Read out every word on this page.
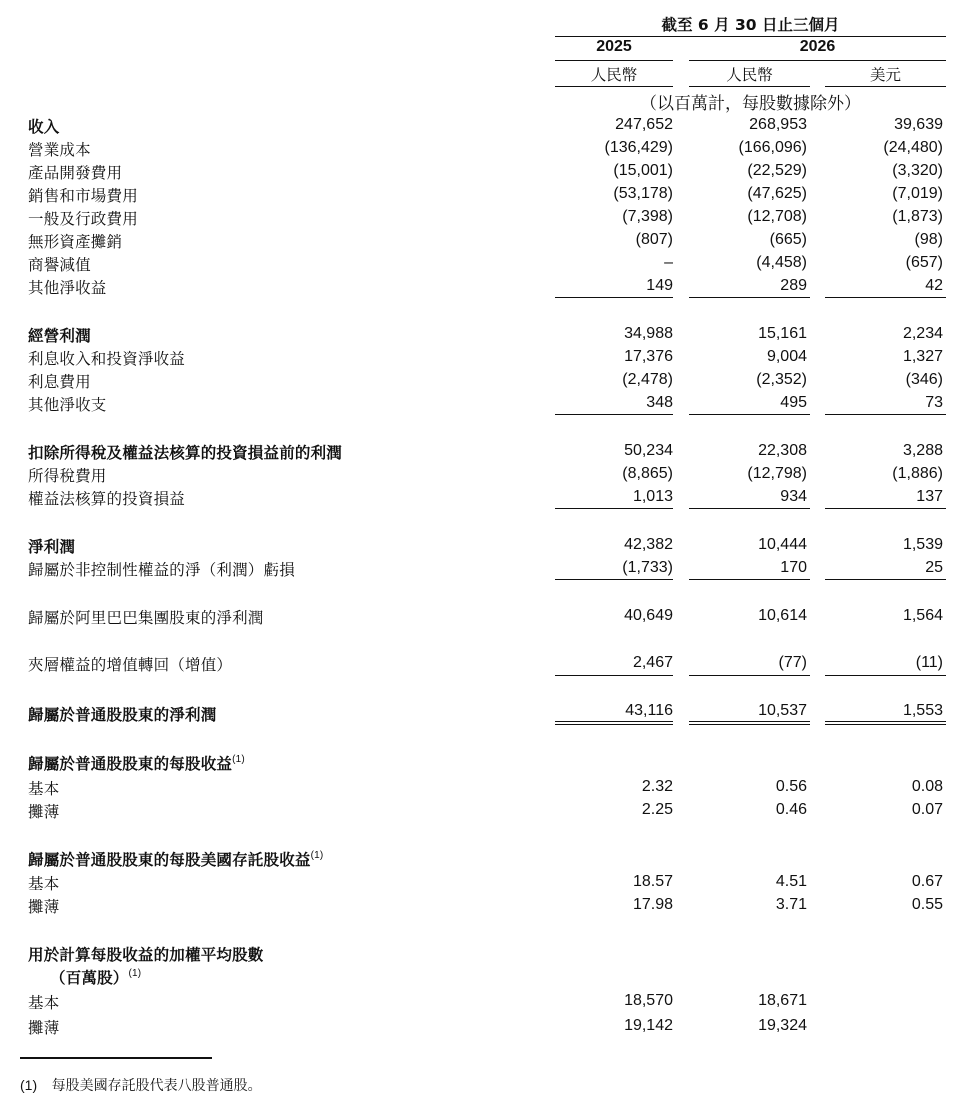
截至 6 月 30 日止三個月
2025	2026
人民幣	人民幣	美元
（以百萬計，每股數據除外）
收入	247,652	268,953	39,639
營業成本	(136,429)	(166,096)	(24,480)
產品開發費用	(15,001)	(22,529)	(3,320)
銷售和市場費用	(53,178)	(47,625)	(7,019)
一般及行政費用	(7,398)	(12,708)	(1,873)
無形資產攤銷	(807)	(665)	(98)
商譽減值	–	(4,458)	(657)
其他淨收益	149	289	42
經營利潤	34,988	15,161	2,234
利息收入和投資淨收益	17,376	9,004	1,327
利息費用	(2,478)	(2,352)	(346)
其他淨收支	348	495	73
扣除所得稅及權益法核算的投資損益前的利潤	50,234	22,308	3,288
所得稅費用	(8,865)	(12,798)	(1,886)
權益法核算的投資損益	1,013	934	137
淨利潤	42,382	10,444	1,539
歸屬於非控制性權益的淨（利潤）虧損	(1,733)	170	25
歸屬於阿里巴巴集團股東的淨利潤	40,649	10,614	1,564
夾層權益的增值轉回（增值）	2,467	(77)	(11)
歸屬於普通股股東的淨利潤	43,116	10,537	1,553
歸屬於普通股股東的每股收益$^{(1)}$
基本	2.32	0.56	0.08
攤薄	2.25	0.46	0.07
歸屬於普通股股東的每股美國存託股收益$^{(1)}$
基本	18.57	4.51	0.67
攤薄	17.98	3.71	0.55
用於計算每股收益的加權平均股數
（百萬股）$^{(1)}$
基本	18,570	18,671
攤薄	19,142	19,324
(1) 每股美國存託股代表八股普通股。
